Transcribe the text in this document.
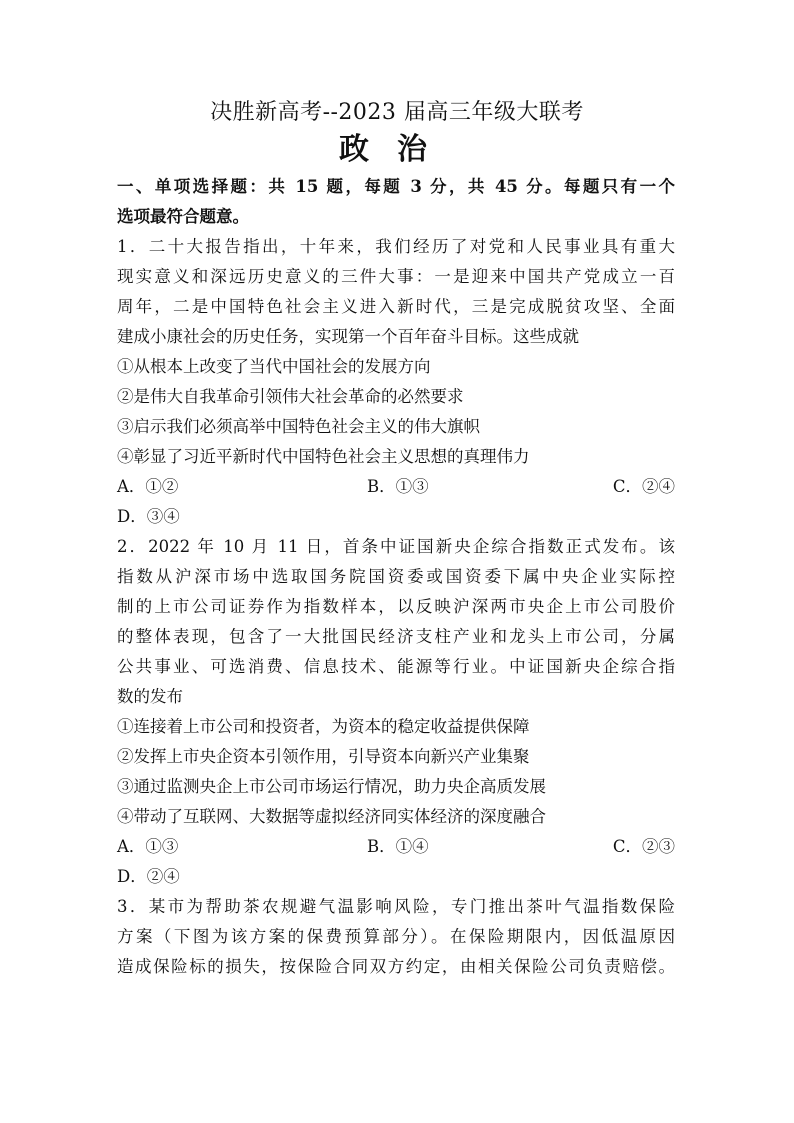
决胜新高考--2023 届高三年级大联考
政治
一、单项选择题：共 15 题，每题 3 分，共 45 分。每题只有一个
选项最符合题意。
1．二十大报告指出，十年来，我们经历了对党和人民事业具有重大
现实意义和深远历史意义的三件大事：一是迎来中国共产党成立一百
周年，二是中国特色社会主义进入新时代，三是完成脱贫攻坚、全面
建成小康社会的历史任务，实现第一个百年奋斗目标。这些成就
①从根本上改变了当代中国社会的发展方向
②是伟大自我革命引领伟大社会革命的必然要求
③启示我们必须高举中国特色社会主义的伟大旗帜
④彰显了习近平新时代中国特色社会主义思想的真理伟力
A．①②	B．①③	C．②④
D．③④
2．2022 年 10 月 11 日，首条中证国新央企综合指数正式发布。该
指数从沪深市场中选取国务院国资委或国资委下属中央企业实际控
制的上市公司证券作为指数样本，以反映沪深两市央企上市公司股价
的整体表现，包含了一大批国民经济支柱产业和龙头上市公司，分属
公共事业、可选消费、信息技术、能源等行业。中证国新央企综合指
数的发布
①连接着上市公司和投资者，为资本的稳定收益提供保障
②发挥上市央企资本引领作用，引导资本向新兴产业集聚
③通过监测央企上市公司市场运行情况，助力央企高质发展
④带动了互联网、大数据等虚拟经济同实体经济的深度融合
A．①③	B．①④	C．②③
D．②④
3．某市为帮助茶农规避气温影响风险，专门推出茶叶气温指数保险
方案（下图为该方案的保费预算部分）。在保险期限内，因低温原因
造成保险标的损失，按保险合同双方约定，由相关保险公司负责赔偿。
